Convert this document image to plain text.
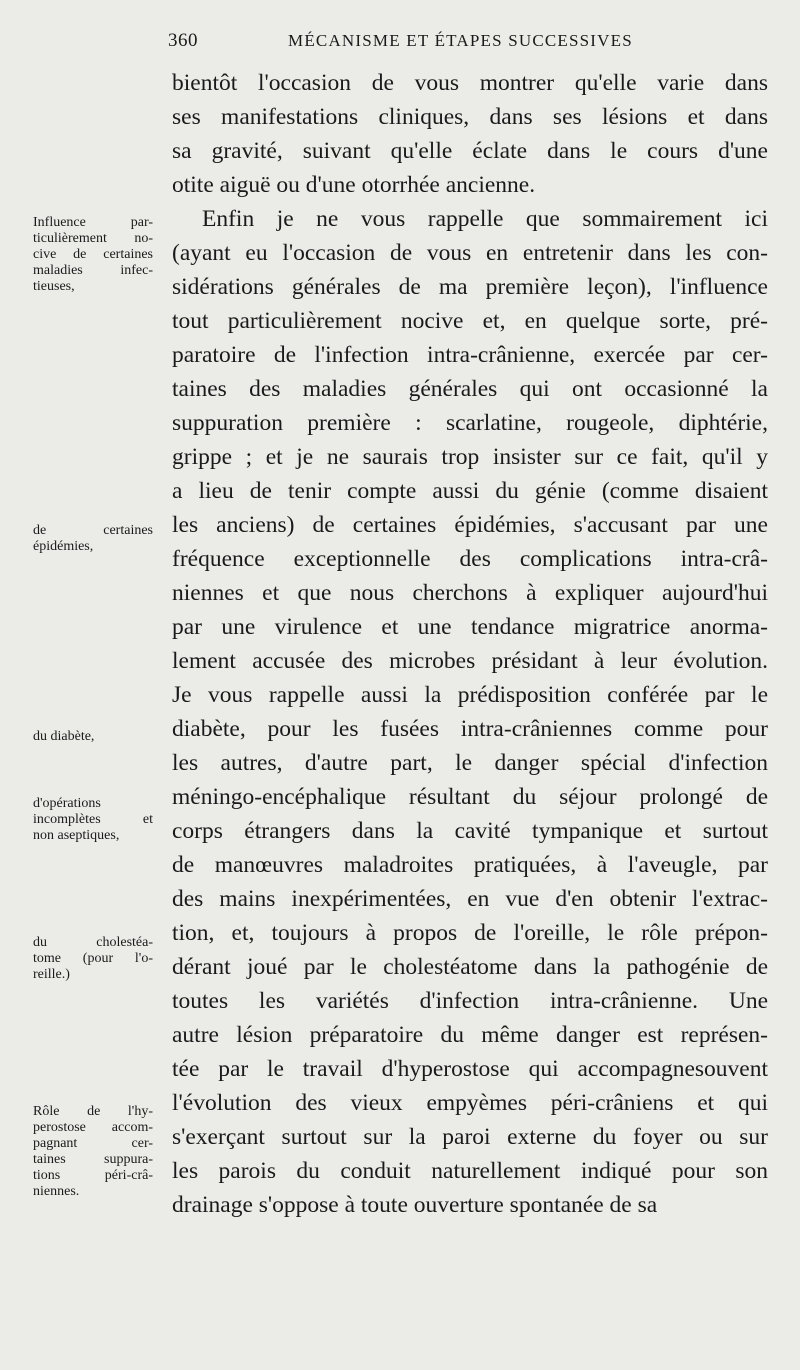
360	MÉCANISME ET ÉTAPES SUCCESSIVES
bientôt l'occasion de vous montrer qu'elle varie dans
ses manifestations cliniques, dans ses lésions et dans
sa gravité, suivant qu'elle éclate dans le cours d'une
otite aiguë ou d'une otorrhée ancienne.
Enfin je ne vous rappelle que sommairement ici
(ayant eu l'occasion de vous en entretenir dans les con-
sidérations générales de ma première leçon), l'influence
tout particulièrement nocive et, en quelque sorte, pré-
paratoire de l'infection intra-crânienne, exercée par cer-
taines des maladies générales qui ont occasionné la
suppuration première : scarlatine, rougeole, diphtérie,
grippe ; et je ne saurais trop insister sur ce fait, qu'il y
a lieu de tenir compte aussi du génie (comme disaient
les anciens) de certaines épidémies, s'accusant par une
fréquence exceptionnelle des complications intra-crâ-
niennes et que nous cherchons à expliquer aujourd'hui
par une virulence et une tendance migratrice anorma-
lement accusée des microbes présidant à leur évolution.
Je vous rappelle aussi la prédisposition conférée par le
diabète, pour les fusées intra-crâniennes comme pour
les autres, d'autre part, le danger spécial d'infection
méningo-encéphalique résultant du séjour prolongé de
corps étrangers dans la cavité tympanique et surtout
de manœuvres maladroites pratiquées, à l'aveugle, par
des mains inexpérimentées, en vue d'en obtenir l'extrac-
tion, et, toujours à propos de l'oreille, le rôle prépon-
dérant joué par le cholestéatome dans la pathogénie de
toutes les variétés d'infection intra-crânienne. Une
autre lésion préparatoire du même danger est représen-
tée par le travail d'hyperostose qui accompagnesouvent
l'évolution des vieux empyèmes péri-crâniens et qui
s'exerçant surtout sur la paroi externe du foyer ou sur
les parois du conduit naturellement indiqué pour son
drainage s'oppose à toute ouverture spontanée de sa
Influence par-
ticulièrement no-
cive de certaines
maladies infec-
tieuses,
de certaines
épidémies,
du diabète,
d'opérations
incomplètes et
non aseptiques,
du cholestéa-
tome (pour l'o-
reille.)
Rôle de l'hy-
perostose accom-
pagnant cer-
taines suppura-
tions péri-crâ-
niennes.
